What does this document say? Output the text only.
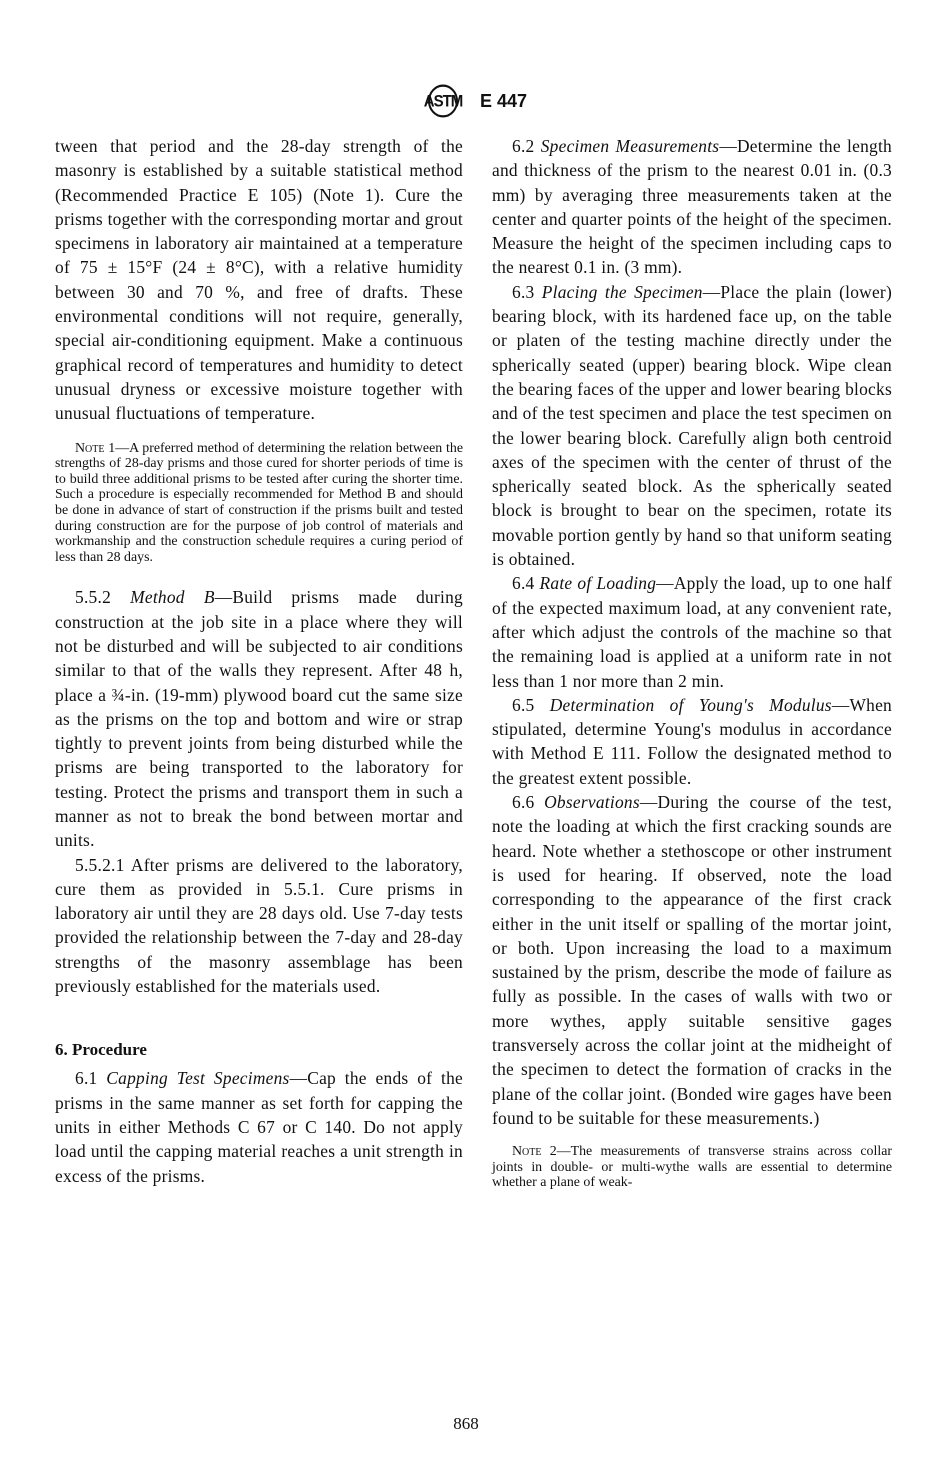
ASTM E 447

tween that period and the 28-day strength of the masonry is established by a suitable statistical method (Recommended Practice E 105) (Note 1). Cure the prisms together with the corresponding mortar and grout specimens in laboratory air maintained at a temperature of 75 ± 15°F (24 ± 8°C), with a relative humidity between 30 and 70 %, and free of drafts. These environmental conditions will not require, generally, special air-conditioning equipment. Make a continuous graphical record of temperatures and humidity to detect unusual dryness or excessive moisture together with unusual fluctuations of temperature.

Note 1—A preferred method of determining the relation between the strengths of 28-day prisms and those cured for shorter periods of time is to build three additional prisms to be tested after curing the shorter time. Such a procedure is especially recommended for Method B and should be done in advance of start of construction if the prisms built and tested during construction are for the purpose of job control of materials and workmanship and the construction schedule requires a curing period of less than 28 days.

5.5.2 Method B—Build prisms made during construction at the job site in a place where they will not be disturbed and will be subjected to air conditions similar to that of the walls they represent. After 48 h, place a ¾-in. (19-mm) plywood board cut the same size as the prisms on the top and bottom and wire or strap tightly to prevent joints from being disturbed while the prisms are being transported to the laboratory for testing. Protect the prisms and transport them in such a manner as not to break the bond between mortar and units.

5.5.2.1 After prisms are delivered to the laboratory, cure them as provided in 5.5.1. Cure prisms in laboratory air until they are 28 days old. Use 7-day tests provided the relationship between the 7-day and 28-day strengths of the masonry assemblage has been previously established for the materials used.

6. Procedure

6.1 Capping Test Specimens—Cap the ends of the prisms in the same manner as set forth for capping the units in either Methods C 67 or C 140. Do not apply load until the capping material reaches a unit strength in excess of the prisms.

6.2 Specimen Measurements—Determine the length and thickness of the prism to the nearest 0.01 in. (0.3 mm) by averaging three measurements taken at the center and quarter points of the height of the specimen. Measure the height of the specimen including caps to the nearest 0.1 in. (3 mm).

6.3 Placing the Specimen—Place the plain (lower) bearing block, with its hardened face up, on the table or platen of the testing machine directly under the spherically seated (upper) bearing block. Wipe clean the bearing faces of the upper and lower bearing blocks and of the test specimen and place the test specimen on the lower bearing block. Carefully align both centroid axes of the specimen with the center of thrust of the spherically seated block. As the spherically seated block is brought to bear on the specimen, rotate its movable portion gently by hand so that uniform seating is obtained.

6.4 Rate of Loading—Apply the load, up to one half of the expected maximum load, at any convenient rate, after which adjust the controls of the machine so that the remaining load is applied at a uniform rate in not less than 1 nor more than 2 min.

6.5 Determination of Young's Modulus—When stipulated, determine Young's modulus in accordance with Method E 111. Follow the designated method to the greatest extent possible.

6.6 Observations—During the course of the test, note the loading at which the first cracking sounds are heard. Note whether a stethoscope or other instrument is used for hearing. If observed, note the load corresponding to the appearance of the first crack either in the unit itself or spalling of the mortar joint, or both. Upon increasing the load to a maximum sustained by the prism, describe the mode of failure as fully as possible. In the cases of walls with two or more wythes, apply suitable sensitive gages transversely across the collar joint at the midheight of the specimen to detect the formation of cracks in the plane of the collar joint. (Bonded wire gages have been found to be suitable for these measurements.)

Note 2—The measurements of transverse strains across collar joints in double- or multi-wythe walls are essential to determine whether a plane of weak-

868
